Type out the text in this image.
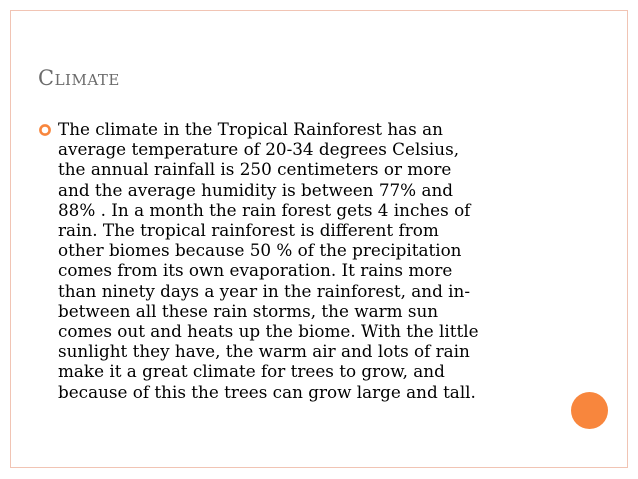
Climate
The climate in the Tropical Rainforest has an
average temperature of 20-34 degrees Celsius,
the annual rainfall is 250 centimeters or more
and the average humidity is between 77% and
88% . In a month the rain forest gets 4 inches of
rain. The tropical rainforest is different from
other biomes because 50 % of the precipitation
comes from its own evaporation. It rains more
than ninety days a year in the rainforest, and in-
between all these rain storms, the warm sun
comes out and heats up the biome. With the little
sunlight they have, the warm air and lots of rain
make it a great climate for trees to grow, and
because of this the trees can grow large and tall.
